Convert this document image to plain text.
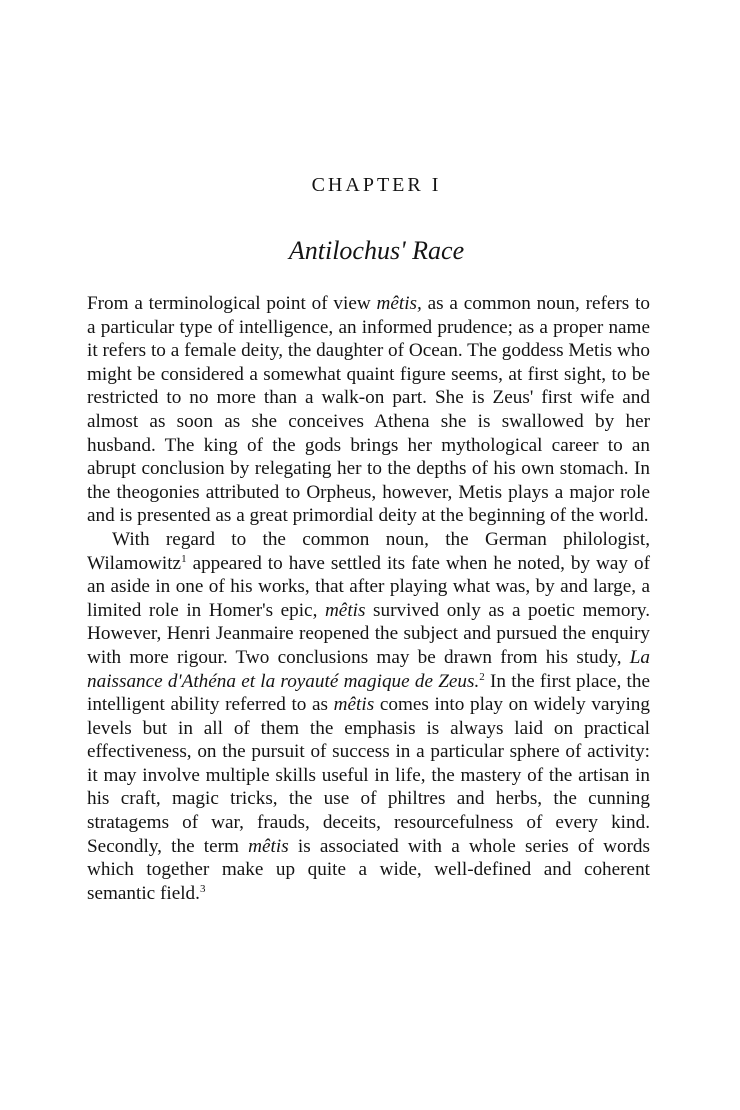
CHAPTER I
Antilochus' Race

From a terminological point of view mêtis, as a common noun, refers to a particular type of intelligence, an informed prudence; as a proper name it refers to a female deity, the daughter of Ocean. The goddess Metis who might be considered a somewhat quaint figure seems, at first sight, to be restricted to no more than a walk-on part. She is Zeus' first wife and almost as soon as she conceives Athena she is swallowed by her husband. The king of the gods brings her mythological career to an abrupt conclusion by relegating her to the depths of his own stomach. In the theogonies attributed to Orpheus, however, Metis plays a major role and is presented as a great primordial deity at the beginning of the world.

With regard to the common noun, the German philologist, Wilamowitz$^1$ appeared to have settled its fate when he noted, by way of an aside in one of his works, that after playing what was, by and large, a limited role in Homer's epic, mêtis survived only as a poetic memory. However, Henri Jeanmaire reopened the subject and pursued the enquiry with more rigour. Two conclusions may be drawn from his study, La naissance d'Athéna et la royauté magique de Zeus.$^2$ In the first place, the intelligent ability referred to as mêtis comes into play on widely varying levels but in all of them the emphasis is always laid on practical effectiveness, on the pursuit of success in a particular sphere of activity: it may involve multiple skills useful in life, the mastery of the artisan in his craft, magic tricks, the use of philtres and herbs, the cunning stratagems of war, frauds, deceits, resourcefulness of every kind. Secondly, the term mêtis is associated with a whole series of words which together make up quite a wide, well-defined and coherent semantic field.$^3$
